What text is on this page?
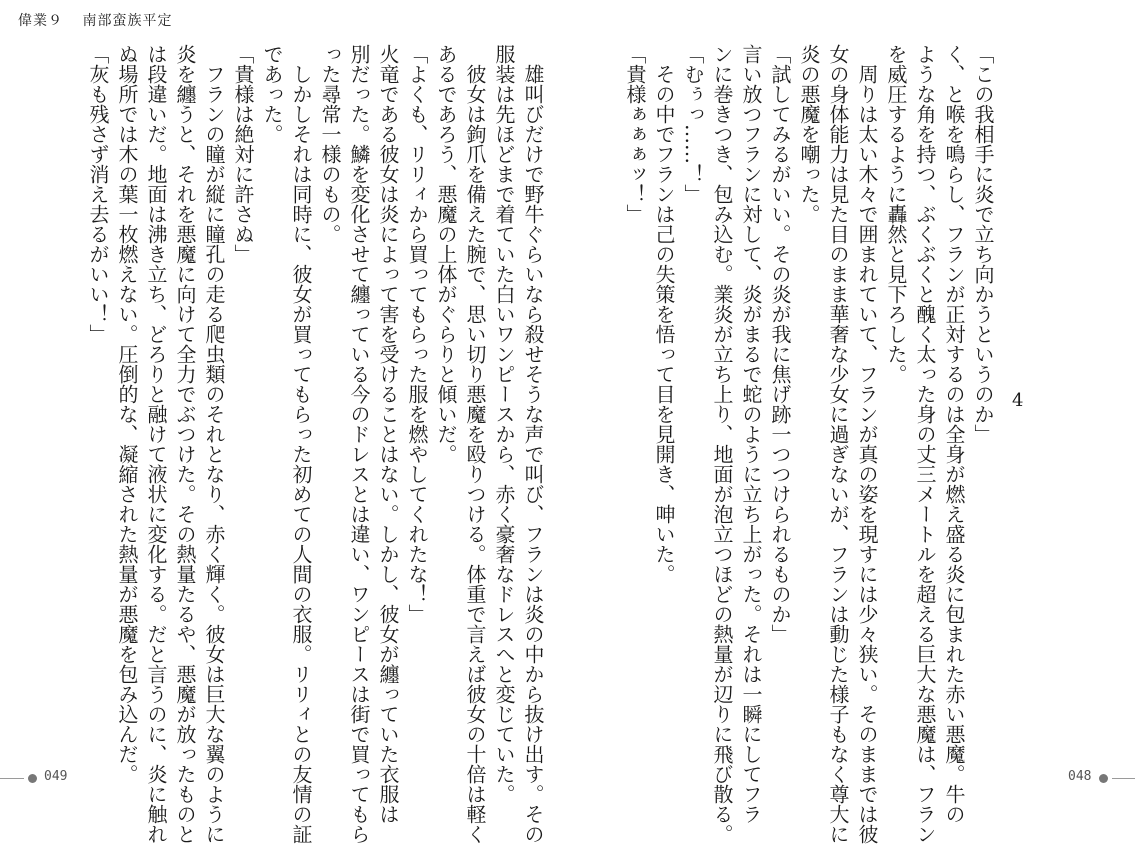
偉業９ 南部蛮族平定
4
「この我相手に炎で立ち向かうというのか」
く、と喉を鳴らし、フランが正対するのは全身が燃え盛る炎に包まれた赤い悪魔。牛の
ような角を持つ、ぶくぶくと醜く太った身の丈三メートルを超える巨大な悪魔は、フラン
を威圧するように轟然と見下ろした。
周りは太い木々で囲まれていて、フランが真の姿を現すには少々狭い。そのままでは彼
女の身体能力は見た目のまま華奢な少女に過ぎないが、フランは動じた様子もなく尊大に
炎の悪魔を嘲った。
「試してみるがいい。その炎が我に焦げ跡一つつけられるものか」
言い放つフランに対して、炎がまるで蛇のように立ち上がった。それは一瞬にしてフラ
ンに巻きつき、包み込む。業炎が立ち上り、地面が泡立つほどの熱量が辺りに飛び散る。
「むぅっ……！」
その中でフランは己の失策を悟って目を見開き、呻いた。
「貴様ぁぁぁッ！」
雄叫びだけで野牛ぐらいなら殺せそうな声で叫び、フランは炎の中から抜け出す。その
服装は先ほどまで着ていた白いワンピースから、赤く豪奢なドレスへと変じていた。
彼女は鉤爪を備えた腕で、思い切り悪魔を殴りつける。体重で言えば彼女の十倍は軽く
あるであろう、悪魔の上体がぐらりと傾いだ。
「よくも、リリィから買ってもらった服を燃やしてくれたな！」
火竜である彼女は炎によって害を受けることはない。しかし、彼女が纏っていた衣服は
別だった。鱗を変化させて纏っている今のドレスとは違い、ワンピースは街で買ってもら
った尋常一様のもの。
しかしそれは同時に、彼女が買ってもらった初めての人間の衣服。リリィとの友情の証
であった。
「貴様は絶対に許さぬ」
フランの瞳が縦に瞳孔の走る爬虫類のそれとなり、赤く輝く。彼女は巨大な翼のように
炎を纏うと、それを悪魔に向けて全力でぶつけた。その熱量たるや、悪魔が放ったものと
は段違いだ。地面は沸き立ち、どろりと融けて液状に変化する。だと言うのに、炎に触れ
ぬ場所では木の葉一枚燃えない。圧倒的な、凝縮された熱量が悪魔を包み込んだ。
「灰も残さず消え去るがいい！」
049	048
